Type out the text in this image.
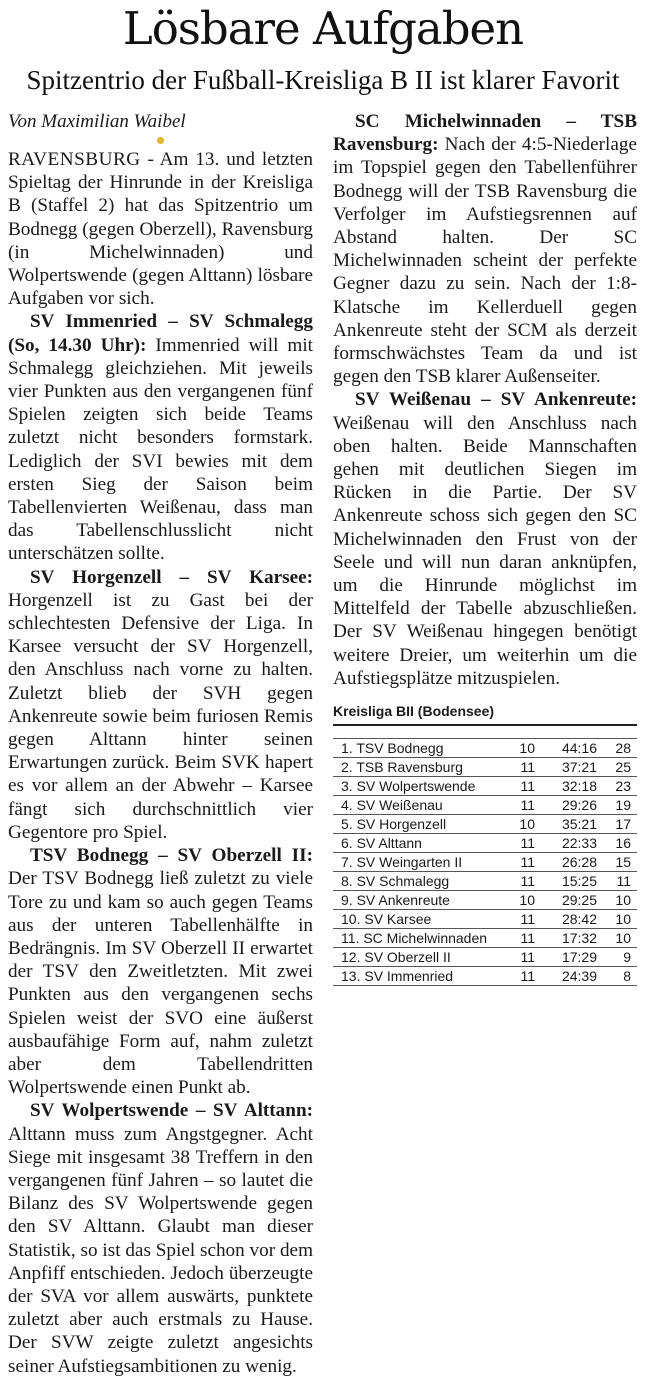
Lösbare Aufgaben
Spitzentrio der Fußball-Kreisliga B II ist klarer Favorit

Von Maximilian Waibel

RAVENSBURG - Am 13. und letzten Spieltag der Hinrunde in der Kreisliga B (Staffel 2) hat das Spitzentrio um Bodnegg (gegen Oberzell), Ravensburg (in Michelwinnaden) und Wolpertswende (gegen Alttann) lösbare Aufgaben vor sich.

SV Immenried – SV Schmalegg (So, 14.30 Uhr): Immenried will mit Schmalegg gleichziehen. Mit jeweils vier Punkten aus den vergangenen fünf Spielen zeigten sich beide Teams zuletzt nicht besonders formstark. Lediglich der SVI bewies mit dem ersten Sieg der Saison beim Tabellenvierten Weißenau, dass man das Tabellenschlusslicht nicht unterschätzen sollte.

SV Horgenzell – SV Karsee: Horgenzell ist zu Gast bei der schlechtesten Defensive der Liga. In Karsee versucht der SV Horgenzell, den Anschluss nach vorne zu halten. Zuletzt blieb der SVH gegen Ankenreute sowie beim furiosen Remis gegen Alttann hinter seinen Erwartungen zurück. Beim SVK hapert es vor allem an der Abwehr – Karsee fängt sich durchschnittlich vier Gegentore pro Spiel.

TSV Bodnegg – SV Oberzell II: Der TSV Bodnegg ließ zuletzt zu viele Tore zu und kam so auch gegen Teams aus der unteren Tabellenhälfte in Bedrängnis. Im SV Oberzell II erwartet der TSV den Zweitletzten. Mit zwei Punkten aus den vergangenen sechs Spielen weist der SVO eine äußerst ausbaufähige Form auf, nahm zuletzt aber dem Tabellendritten Wolpertswende einen Punkt ab.

SV Wolpertswende – SV Alttann: Alttann muss zum Angstgegner. Acht Siege mit insgesamt 38 Treffern in den vergangenen fünf Jahren – so lautet die Bilanz des SV Wolpertswende gegen den SV Alttann. Glaubt man dieser Statistik, so ist das Spiel schon vor dem Anpfiff entschieden. Jedoch überzeugte der SVA vor allem auswärts, punktete zuletzt aber auch erstmals zu Hause. Der SVW zeigte zuletzt angesichts seiner Aufstiegsambitionen zu wenig.

SC Michelwinnaden – TSB Ravensburg: Nach der 4:5-Niederlage im Topspiel gegen den Tabellenführer Bodnegg will der TSB Ravensburg die Verfolger im Aufstiegsrennen auf Abstand halten. Der SC Michelwinnaden scheint der perfekte Gegner dazu zu sein. Nach der 1:8-Klatsche im Kellerduell gegen Ankenreute steht der SCM als derzeit formschwächstes Team da und ist gegen den TSB klarer Außenseiter.

SV Weißenau – SV Ankenreute: Weißenau will den Anschluss nach oben halten. Beide Mannschaften gehen mit deutlichen Siegen im Rücken in die Partie. Der SV Ankenreute schoss sich gegen den SC Michelwinnaden den Frust von der Seele und will nun daran anknüpfen, um die Hinrunde möglichst im Mittelfeld der Tabelle abzuschließen. Der SV Weißenau hingegen benötigt weitere Dreier, um weiterhin um die Aufstiegsplätze mitzuspielen.

Kreisliga BII (Bodensee)
1. TSV Bodnegg	10	44:16	28
2. TSB Ravensburg	11	37:21	25
3. SV Wolpertswende	11	32:18	23
4. SV Weißenau	11	29:26	19
5. SV Horgenzell	10	35:21	17
6. SV Alttann	11	22:33	16
7. SV Weingarten II	11	26:28	15
8. SV Schmalegg	11	15:25	11
9. SV Ankenreute	10	29:25	10
10. SV Karsee	11	28:42	10
11. SC Michelwinnaden	11	17:32	10
12. SV Oberzell II	11	17:29	9
13. SV Immenried	11	24:39	8
